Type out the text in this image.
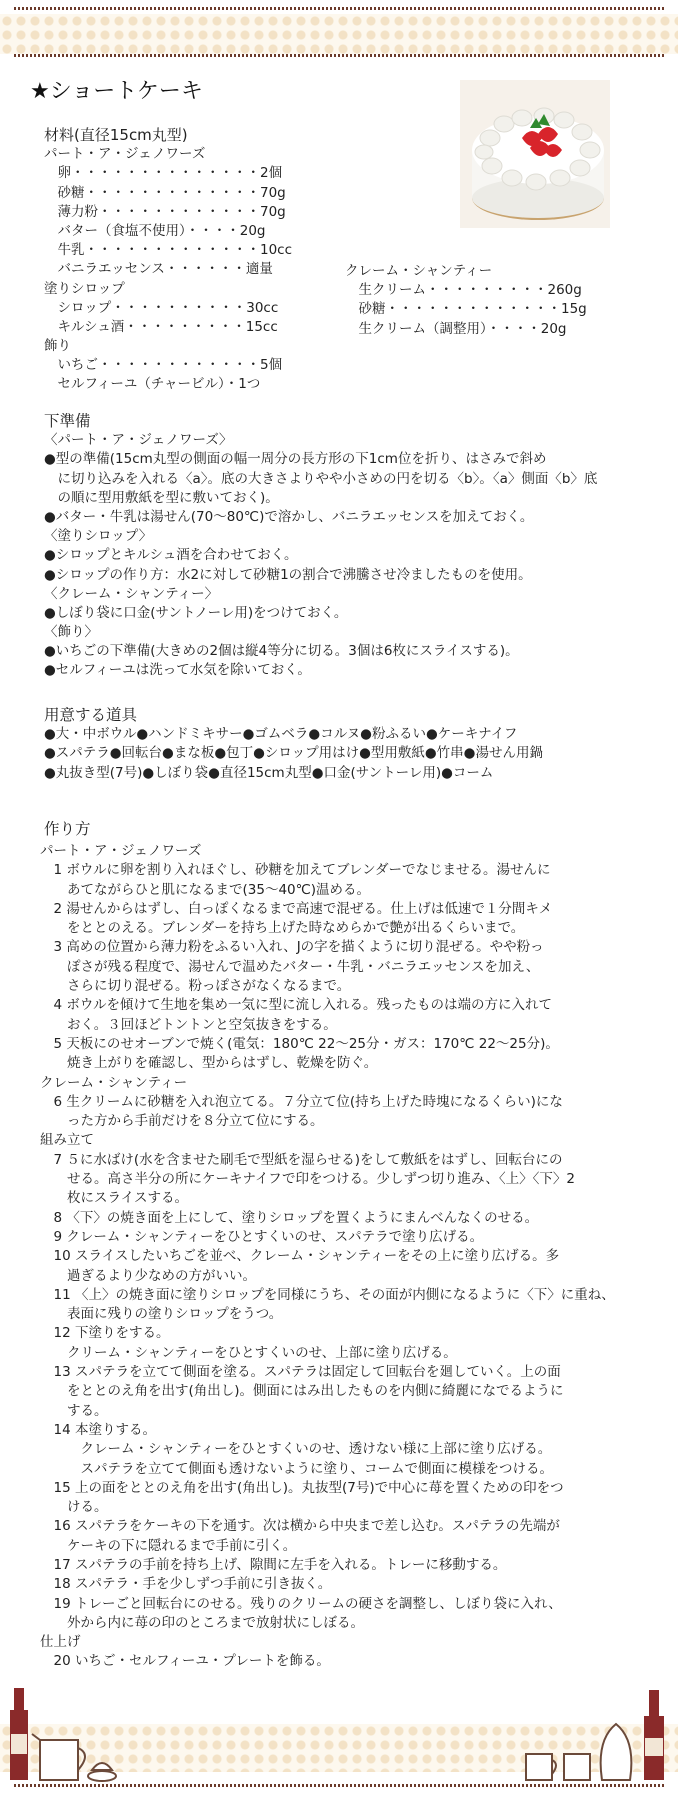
★ショートケーキ
材料(直径15cm丸型)
パート・ア・ジェノワーズ
　卵・・・・・・・・・・・・・・2個
　砂糖・・・・・・・・・・・・・70g
　薄力粉・・・・・・・・・・・・70g
　バター（食塩不使用）・・・・20g
　牛乳・・・・・・・・・・・・・10cc
　バニラエッセンス・・・・・・適量
塗りシロップ
　シロップ・・・・・・・・・・30cc
　キルシュ酒・・・・・・・・・15cc
飾り
　いちご・・・・・・・・・・・・5個
　セルフィーユ（チャービル）・1つ
クレーム・シャンティー
　生クリーム・・・・・・・・・260g
　砂糖・・・・・・・・・・・・・15g
　生クリーム（調整用）・・・・20g
下準備
〈パート・ア・ジェノワーズ〉
●型の準備(15cm丸型の側面の幅一周分の長方形の下1cm位を折り、はさみで斜め
　に切り込みを入れる〈a〉。底の大きさよりやや小さめの円を切る〈b〉。〈a〉側面〈b〉底
　の順に型用敷紙を型に敷いておく)。
●バター・牛乳は湯せん(70〜80℃)で溶かし、バニラエッセンスを加えておく。
〈塗りシロップ〉
●シロップとキルシュ酒を合わせておく。
●シロップの作り方：水2に対して砂糖1の割合で沸騰させ冷ましたものを使用。
〈クレーム・シャンティー〉
●しぼり袋に口金(サントノーレ用)をつけておく。
〈飾り〉
●いちごの下準備(大きめの2個は縦4等分に切る。3個は6枚にスライスする)。
●セルフィーユは洗って水気を除いておく。
用意する道具
●大・中ボウル●ハンドミキサー●ゴムベラ●コルヌ●粉ふるい●ケーキナイフ
●スパテラ●回転台●まな板●包丁●シロップ用はけ●型用敷紙●竹串●湯せん用鍋
●丸抜き型(7号)●しぼり袋●直径15cm丸型●口金(サントーレ用)●コーム
作り方
パート・ア・ジェノワーズ
　1 ボウルに卵を割り入れほぐし、砂糖を加えてブレンダーでなじませる。湯せんに
　　あてながらひと肌になるまで(35〜40℃)温める。
　2 湯せんからはずし、白っぽくなるまで高速で混ぜる。仕上げは低速で１分間キメ
　　をととのえる。ブレンダーを持ち上げた時なめらかで艶が出るくらいまで。
　3 高めの位置から薄力粉をふるい入れ、Jの字を描くように切り混ぜる。やや粉っ
　　ぽさが残る程度で、湯せんで温めたバター・牛乳・バニラエッセンスを加え、
　　さらに切り混ぜる。粉っぽさがなくなるまで。
　4 ボウルを傾けて生地を集め一気に型に流し入れる。残ったものは端の方に入れて
　　おく。３回ほどトントンと空気抜きをする。
　5 天板にのせオーブンで焼く(電気：180℃ 22〜25分・ガス：170℃ 22〜25分)。
　　焼き上がりを確認し、型からはずし、乾燥を防ぐ。
クレーム・シャンティー
　6 生クリームに砂糖を入れ泡立てる。７分立て位(持ち上げた時塊になるくらい)にな
　　った方から手前だけを８分立て位にする。
組み立て
　7 ５に水ばけ(水を含ませた刷毛で型紙を湿らせる)をして敷紙をはずし、回転台にの
　　せる。高さ半分の所にケーキナイフで印をつける。少しずつ切り進み、〈上〉〈下〉2
　　枚にスライスする。
　8 〈下〉の焼き面を上にして、塗りシロップを置くようにまんべんなくのせる。
　9 クレーム・シャンティーをひとすくいのせ、スパテラで塗り広げる。
　10 スライスしたいちごを並べ、クレーム・シャンティーをその上に塗り広げる。多
　　過ぎるより少なめの方がいい。
　11 〈上〉の焼き面に塗りシロップを同様にうち、その面が内側になるように〈下〉に重ね、
　　表面に残りの塗りシロップをうつ。
　12 下塗りをする。
　　クリーム・シャンティーをひとすくいのせ、上部に塗り広げる。
　13 スパテラを立てて側面を塗る。スパテラは固定して回転台を廻していく。上の面
　　をととのえ角を出す(角出し)。側面にはみ出したものを内側に綺麗になでるように
　　する。
　14 本塗りする。
　　　クレーム・シャンティーをひとすくいのせ、透けない様に上部に塗り広げる。
　　　スパテラを立てて側面も透けないように塗り、コームで側面に模様をつける。
　15 上の面をととのえ角を出す(角出し)。丸抜型(7号)で中心に苺を置くための印をつ
　　ける。
　16 スパテラをケーキの下を通す。次は横から中央まで差し込む。スパテラの先端が
　　ケーキの下に隠れるまで手前に引く。
　17 スパテラの手前を持ち上げ、隙間に左手を入れる。トレーに移動する。
　18 スパテラ・手を少しずつ手前に引き抜く。
　19 トレーごと回転台にのせる。残りのクリームの硬さを調整し、しぼり袋に入れ、
　　外から内に苺の印のところまで放射状にしぼる。
仕上げ
　20 いちご・セルフィーユ・プレートを飾る。
